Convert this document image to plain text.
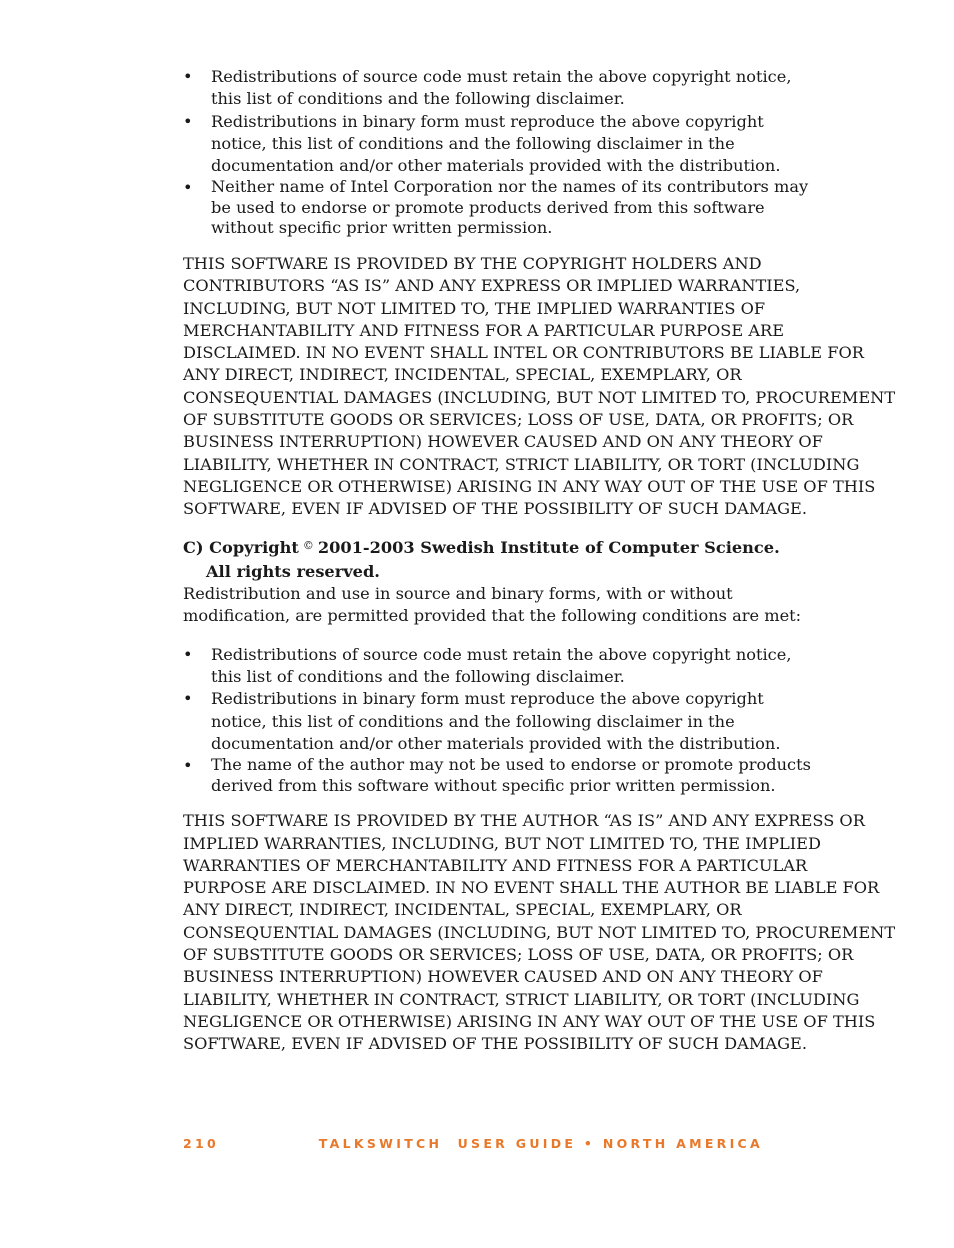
• Redistributions of source code must retain the above copyright notice,
this list of conditions and the following disclaimer.
• Redistributions in binary form must reproduce the above copyright
notice, this list of conditions and the following disclaimer in the
documentation and/or other materials provided with the distribution.
• Neither name of Intel Corporation nor the names of its contributors may
be used to endorse or promote products derived from this software
without specific prior written permission.
THIS SOFTWARE IS PROVIDED BY THE COPYRIGHT HOLDERS AND
CONTRIBUTORS “AS IS” AND ANY EXPRESS OR IMPLIED WARRANTIES,
INCLUDING, BUT NOT LIMITED TO, THE IMPLIED WARRANTIES OF
MERCHANTABILITY AND FITNESS FOR A PARTICULAR PURPOSE ARE
DISCLAIMED. IN NO EVENT SHALL INTEL OR CONTRIBUTORS BE LIABLE FOR
ANY DIRECT, INDIRECT, INCIDENTAL, SPECIAL, EXEMPLARY, OR
CONSEQUENTIAL DAMAGES (INCLUDING, BUT NOT LIMITED TO, PROCUREMENT
OF SUBSTITUTE GOODS OR SERVICES; LOSS OF USE, DATA, OR PROFITS; OR
BUSINESS INTERRUPTION) HOWEVER CAUSED AND ON ANY THEORY OF
LIABILITY, WHETHER IN CONTRACT, STRICT LIABILITY, OR TORT (INCLUDING
NEGLIGENCE OR OTHERWISE) ARISING IN ANY WAY OUT OF THE USE OF THIS
SOFTWARE, EVEN IF ADVISED OF THE POSSIBILITY OF SUCH DAMAGE.
C) Copyright © 2001-2003 Swedish Institute of Computer Science.
All rights reserved.
Redistribution and use in source and binary forms, with or without
modification, are permitted provided that the following conditions are met:
• Redistributions of source code must retain the above copyright notice,
this list of conditions and the following disclaimer.
• Redistributions in binary form must reproduce the above copyright
notice, this list of conditions and the following disclaimer in the
documentation and/or other materials provided with the distribution.
• The name of the author may not be used to endorse or promote products
derived from this software without specific prior written permission.
THIS SOFTWARE IS PROVIDED BY THE AUTHOR “AS IS” AND ANY EXPRESS OR
IMPLIED WARRANTIES, INCLUDING, BUT NOT LIMITED TO, THE IMPLIED
WARRANTIES OF MERCHANTABILITY AND FITNESS FOR A PARTICULAR
PURPOSE ARE DISCLAIMED. IN NO EVENT SHALL THE AUTHOR BE LIABLE FOR
ANY DIRECT, INDIRECT, INCIDENTAL, SPECIAL, EXEMPLARY, OR
CONSEQUENTIAL DAMAGES (INCLUDING, BUT NOT LIMITED TO, PROCUREMENT
OF SUBSTITUTE GOODS OR SERVICES; LOSS OF USE, DATA, OR PROFITS; OR
BUSINESS INTERRUPTION) HOWEVER CAUSED AND ON ANY THEORY OF
LIABILITY, WHETHER IN CONTRACT, STRICT LIABILITY, OR TORT (INCLUDING
NEGLIGENCE OR OTHERWISE) ARISING IN ANY WAY OUT OF THE USE OF THIS
SOFTWARE, EVEN IF ADVISED OF THE POSSIBILITY OF SUCH DAMAGE.
210	TALKSWITCH  USER GUIDE • NORTH AMERICA
